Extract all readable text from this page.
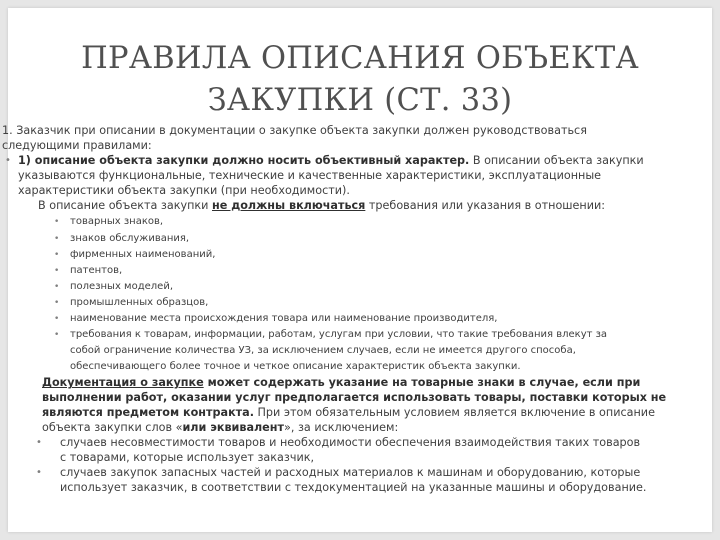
ПРАВИЛА ОПИСАНИЯ ОБЪЕКТА
ЗАКУПКИ (СТ. 33)

1. Заказчик при описании в документации о закупке объекта закупки должен руководствоваться

следующими правилами:

• 1) описание объекта закупки должно носить объективный характер. В описании объекта закупки
указываются функциональные, технические и качественные характеристики, эксплуатационные
характеристики объекта закупки (при необходимости).

В описание объекта закупки не должны включаться требования или указания в отношении:

• товарных знаков,
• знаков обслуживания,
• фирменных наименований,
• патентов,
• полезных моделей,
• промышленных образцов,
• наименование места происхождения товара или наименование производителя,
• требования к товарам, информации, работам, услугам при условии, что такие требования влекут за
собой ограничение количества УЗ, за исключением случаев, если не имеется другого способа,
обеспечивающего более точное и четкое описание характеристик объекта закупки.
Документация о закупке может содержать указание на товарные знаки в случае, если при
выполнении работ, оказании услуг предполагается использовать товары, поставки которых не
являются предметом контракта. При этом обязательным условием является включение в описание
объекта закупки слов «или эквивалент», за исключением:
• случаев несовместимости товаров и необходимости обеспечения взаимодействия таких товаров
с товарами, которые использует заказчик,
• случаев закупок запасных частей и расходных материалов к машинам и оборудованию, которые
использует заказчик, в соответствии с техдокументацией на указанные машины и оборудование.
